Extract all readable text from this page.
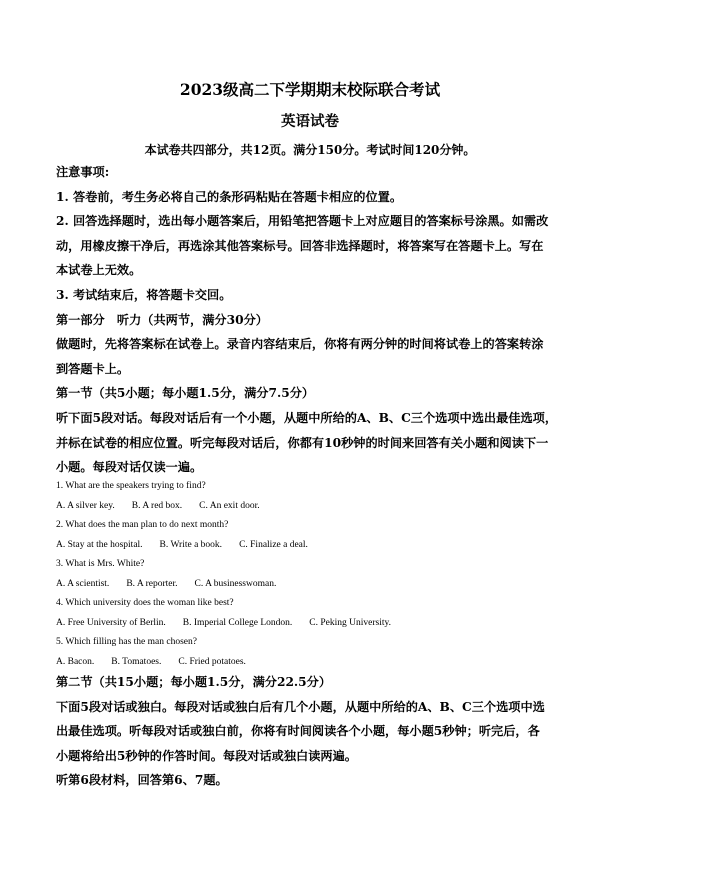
2023级高二下学期期末校际联合考试
英语试卷
本试卷共四部分，共12页。满分150分。考试时间120分钟。

注意事项:

1. 答卷前，考生务必将自己的条形码粘贴在答题卡相应的位置。

2. 回答选择题时，选出每小题答案后，用铅笔把答题卡上对应题目的答案标号涂黑。如需改

动，用橡皮擦干净后，再选涂其他答案标号。回答非选择题时，将答案写在答题卡上。写在

本试卷上无效。

3. 考试结束后，将答题卡交回。

第一部分　听力（共两节，满分30分）

做题时，先将答案标在试卷上。录音内容结束后，你将有两分钟的时间将试卷上的答案转涂

到答题卡上。

第一节（共5小题；每小题1.5分，满分7.5分）

听下面5段对话。每段对话后有一个小题，从题中所给的A、B、C三个选项中选出最佳选项，

并标在试卷的相应位置。听完每段对话后，你都有10秒钟的时间来回答有关小题和阅读下一

小题。每段对话仅读一遍。

1. What are the speakers trying to find?

A. A silver key. B. A red box. C. An exit door.

2. What does the man plan to do next month?

A. Stay at the hospital. B. Write a book. C. Finalize a deal.

3. What is Mrs. White?

A. A scientist. B. A reporter. C. A businesswoman.

4. Which university does the woman like best?

A. Free University of Berlin. B. Imperial College London. C. Peking University.

5. Which filling has the man chosen?

A. Bacon. B. Tomatoes. C. Fried potatoes.

第二节（共15小题；每小题1.5分，满分22.5分）

下面5段对话或独白。每段对话或独白后有几个小题，从题中所给的A、B、C三个选项中选

出最佳选项。听每段对话或独白前，你将有时间阅读各个小题，每小题5秒钟；听完后，各

小题将给出5秒钟的作答时间。每段对话或独白读两遍。

听第6段材料，回答第6、7题。
